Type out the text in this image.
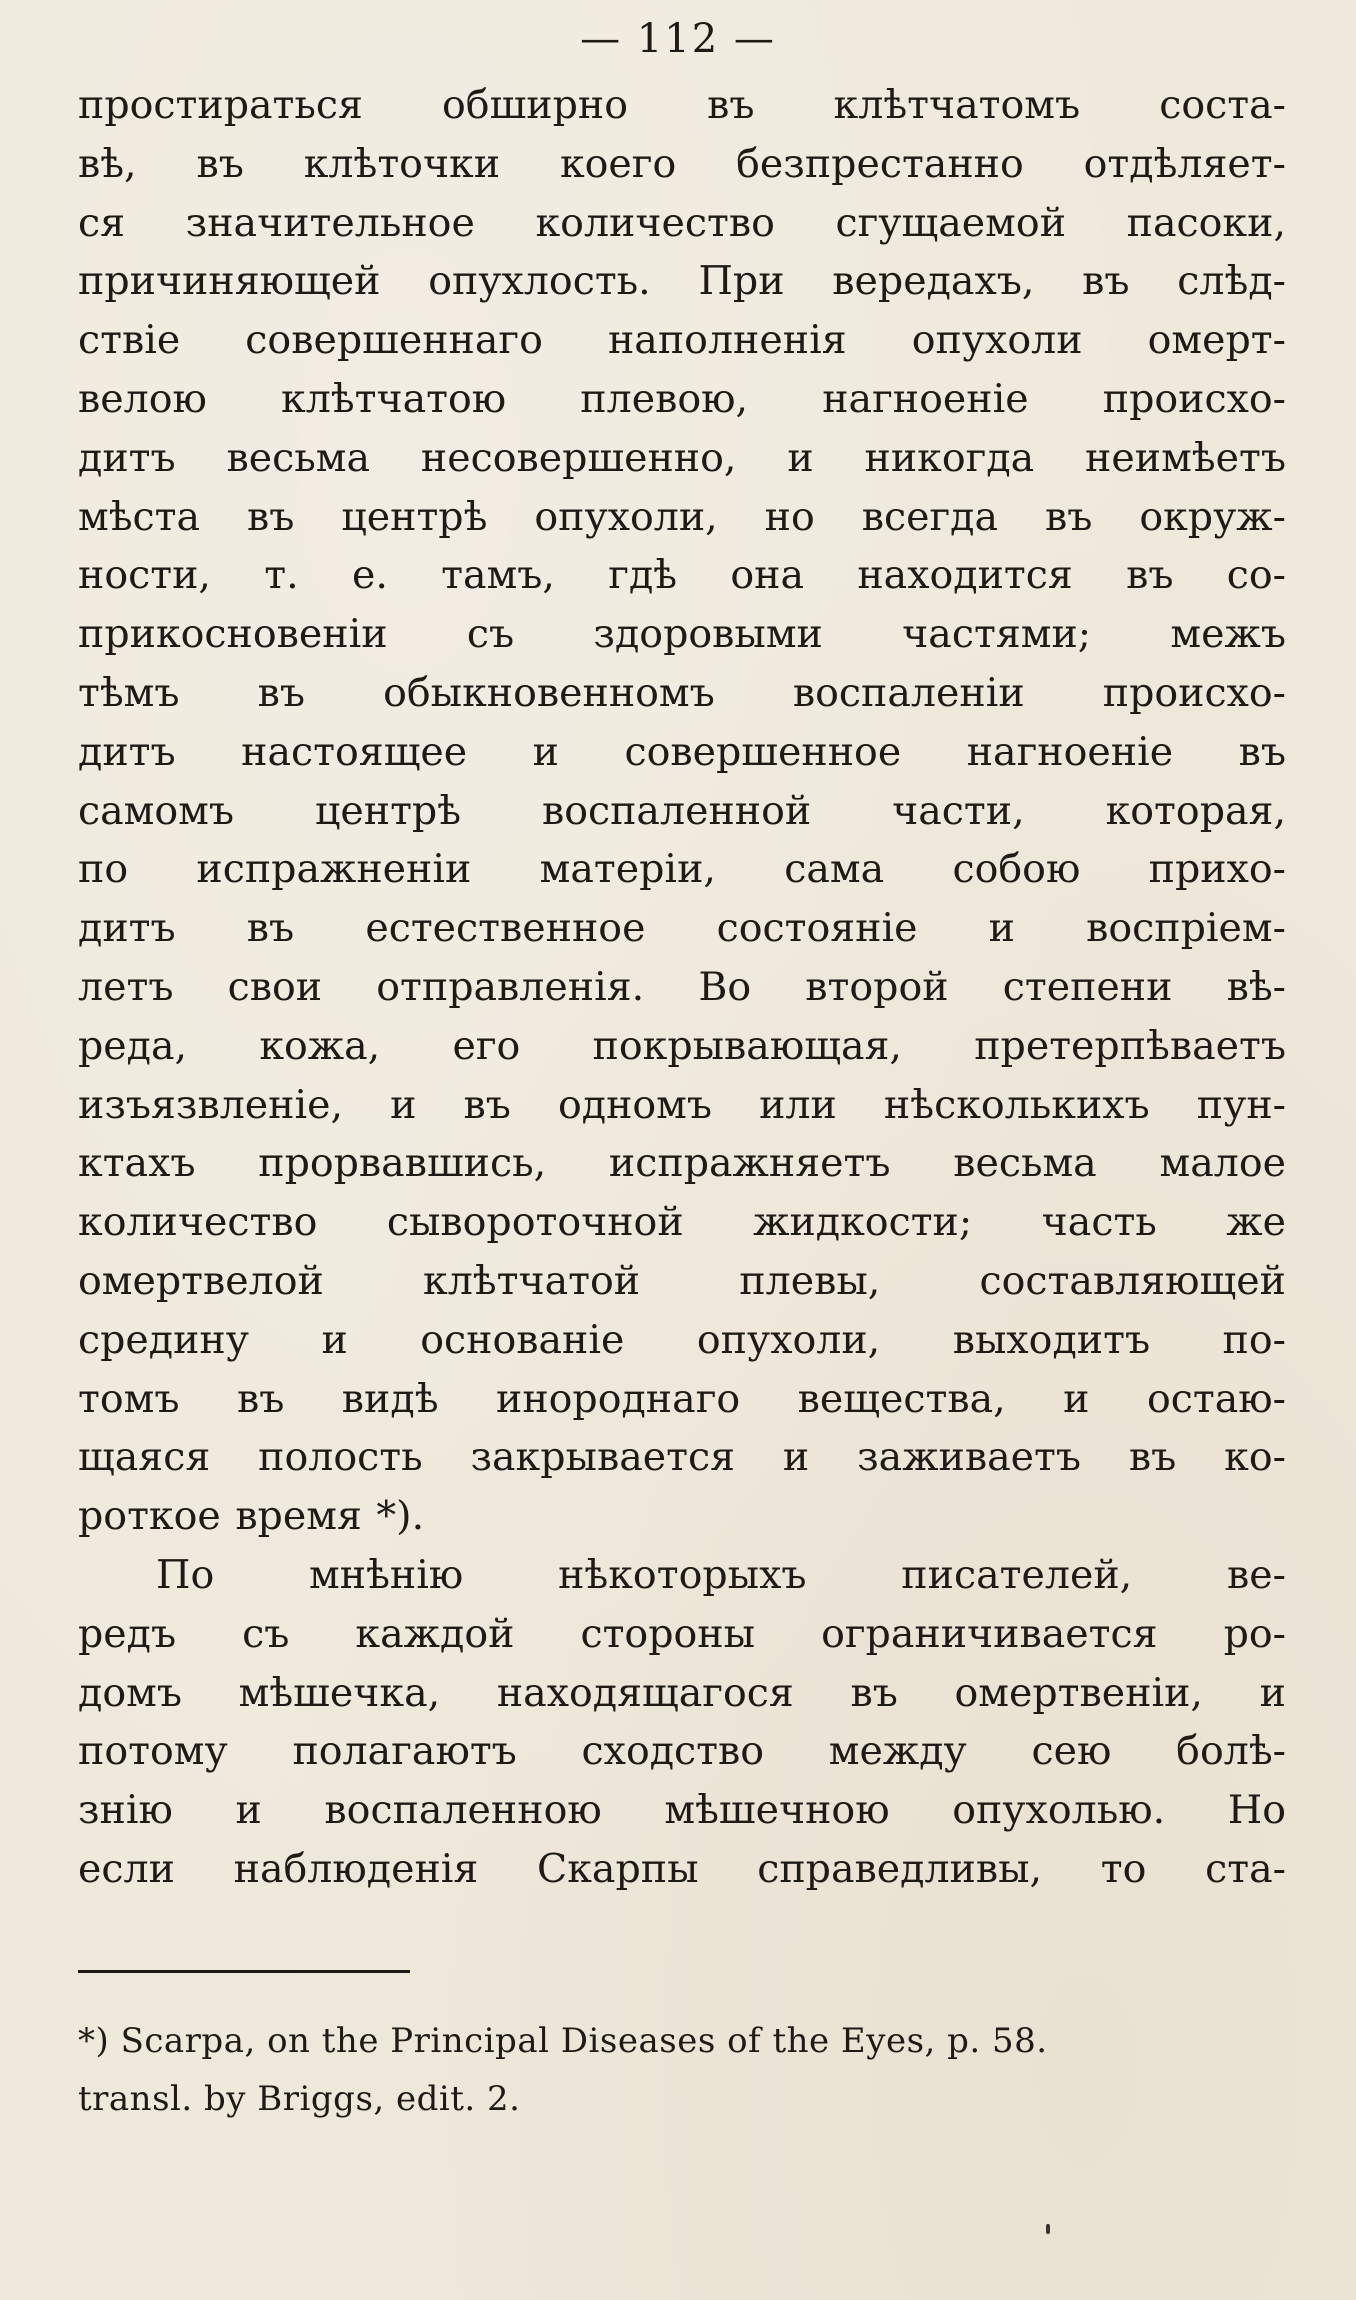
— 112 —
простираться обширно въ клѣтчатомъ соста-
вѣ, въ клѣточки коего безпрестанно отдѣляет-
ся значительное количество сгущаемой пасоки,
причиняющей опухлость. При вередахъ, въ слѣд-
ствіе совершеннаго наполненія опухоли омерт-
велою клѣтчатою плевою, нагноеніе происхо-
дитъ весьма несовершенно, и никогда неимѣетъ
мѣста въ центрѣ опухоли, но всегда въ окруж-
ности, т. е. тамъ, гдѣ она находится въ со-
прикосновеніи съ здоровыми частями; межъ
тѣмъ въ обыкновенномъ воспаленіи происхо-
дитъ настоящее и совершенное нагноеніе въ
самомъ центрѣ воспаленной части, которая,
по испражненіи матеріи, сама собою прихо-
дитъ въ естественное состояніе и воспріем-
летъ свои отправленія. Во второй степени вѣ-
реда, кожа, его покрывающая, претерпѣваетъ
изъязвленіе, и въ одномъ или нѣсколькихъ пун-
ктахъ прорвавшись, испражняетъ весьма малое
количество сывороточной жидкости; часть же
омертвелой клѣтчатой плевы, составляющей
средину и основаніе опухоли, выходитъ по-
томъ въ видѣ инороднаго вещества, и остаю-
щаяся полость закрывается и заживаетъ въ ко-
роткое время *).
По мнѣнію нѣкоторыхъ писателей, ве-
редъ съ каждой стороны ограничивается ро-
домъ мѣшечка, находящагося въ омертвеніи, и
потому полагаютъ сходство между сею болѣ-
знію и воспаленною мѣшечною опухолью. Но
если наблюденія Скарпы справедливы, то ста-
*) Scarpa, on the Principal Diseases of the Eyes, p. 58.
transl. by Briggs, edit. 2.
